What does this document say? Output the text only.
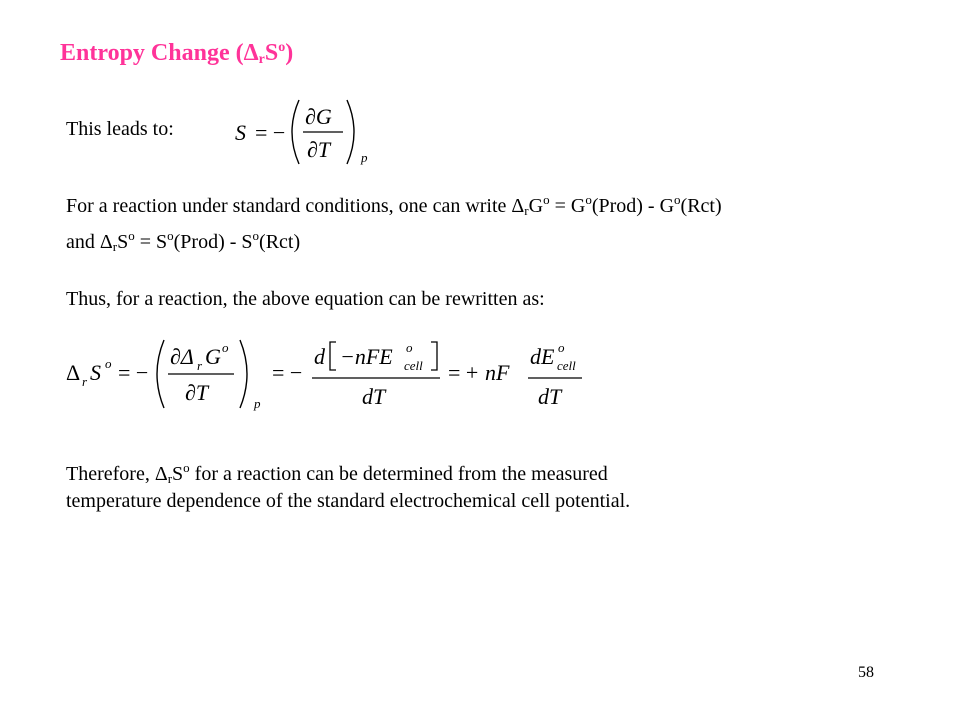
Entropy Change $(\Delta_rS^o)$
This leads to:	S = −
∂G
∂T p
For a reaction under standard conditions, one can write $\Delta_rG^o$ = $G^o(Prod) - G^o(Rct)$
and $\Delta_rS^o$ = $S^o(Prod) - S^o(Rct)$
Thus, for a reaction, the above equation can be rewritten as:
Δ r S o = −
∂Δ r G o
∂T	p
= −
d −nFE o
cell
dT
= + nF
dE o
cell
dT
Therefore, $\Delta_rS^o$ for a reaction can be determined from the measured
temperature dependence of the standard electrochemical cell potential.
58
